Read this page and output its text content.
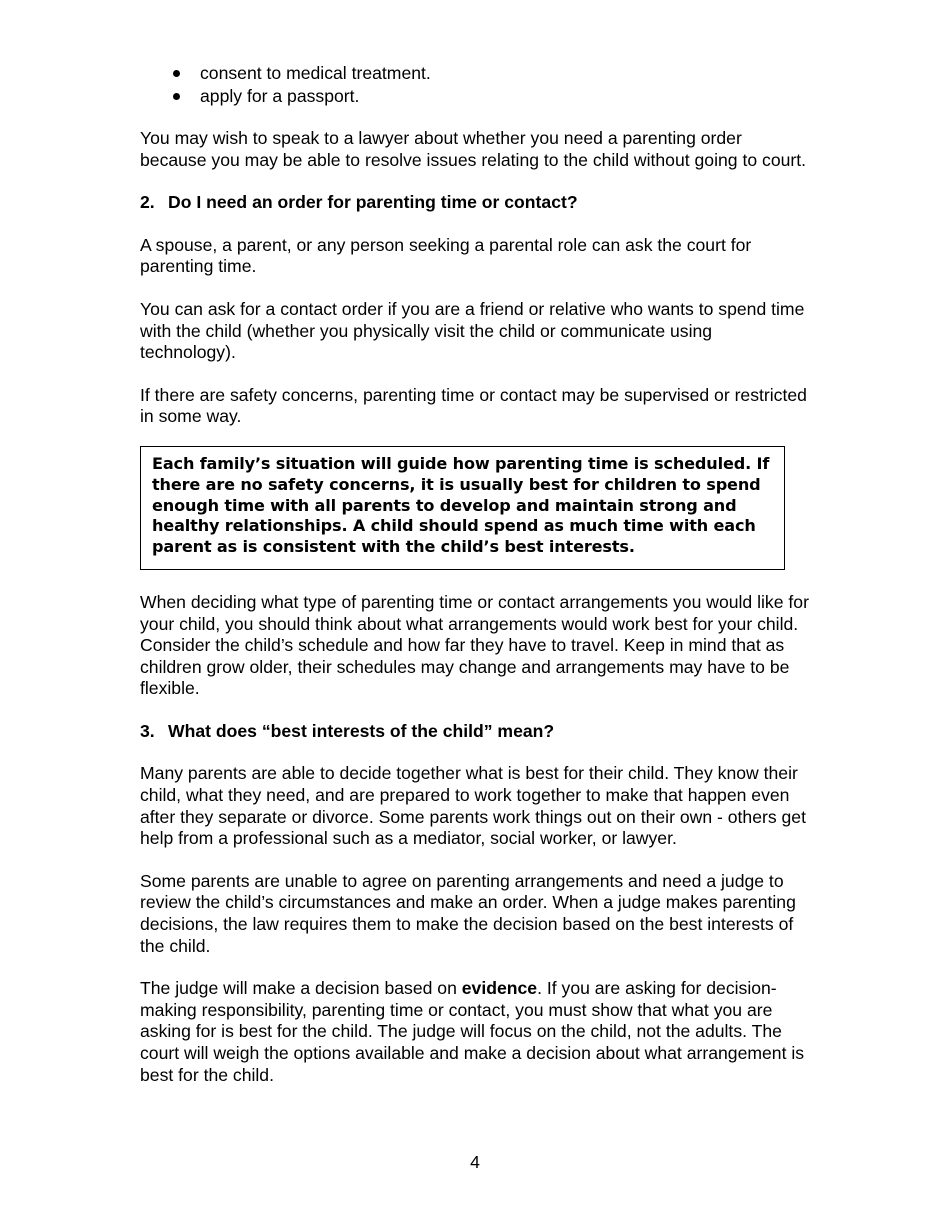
consent to medical treatment.
apply for a passport.

You may wish to speak to a lawyer about whether you need a parenting order because you may be able to resolve issues relating to the child without going to court.

2. Do I need an order for parenting time or contact?

A spouse, a parent, or any person seeking a parental role can ask the court for parenting time.

You can ask for a contact order if you are a friend or relative who wants to spend time with the child (whether you physically visit the child or communicate using technology).

If there are safety concerns, parenting time or contact may be supervised or restricted in some way.

Each family’s situation will guide how parenting time is scheduled. If there are no safety concerns, it is usually best for children to spend enough time with all parents to develop and maintain strong and healthy relationships. A child should spend as much time with each parent as is consistent with the child’s best interests.

When deciding what type of parenting time or contact arrangements you would like for your child, you should think about what arrangements would work best for your child. Consider the child’s schedule and how far they have to travel. Keep in mind that as children grow older, their schedules may change and arrangements may have to be flexible.

3. What does “best interests of the child” mean?

Many parents are able to decide together what is best for their child. They know their child, what they need, and are prepared to work together to make that happen even after they separate or divorce. Some parents work things out on their own - others get help from a professional such as a mediator, social worker, or lawyer.

Some parents are unable to agree on parenting arrangements and need a judge to review the child’s circumstances and make an order. When a judge makes parenting decisions, the law requires them to make the decision based on the best interests of the child.

The judge will make a decision based on evidence. If you are asking for decision-making responsibility, parenting time or contact, you must show that what you are asking for is best for the child. The judge will focus on the child, not the adults. The court will weigh the options available and make a decision about what arrangement is best for the child.

4
